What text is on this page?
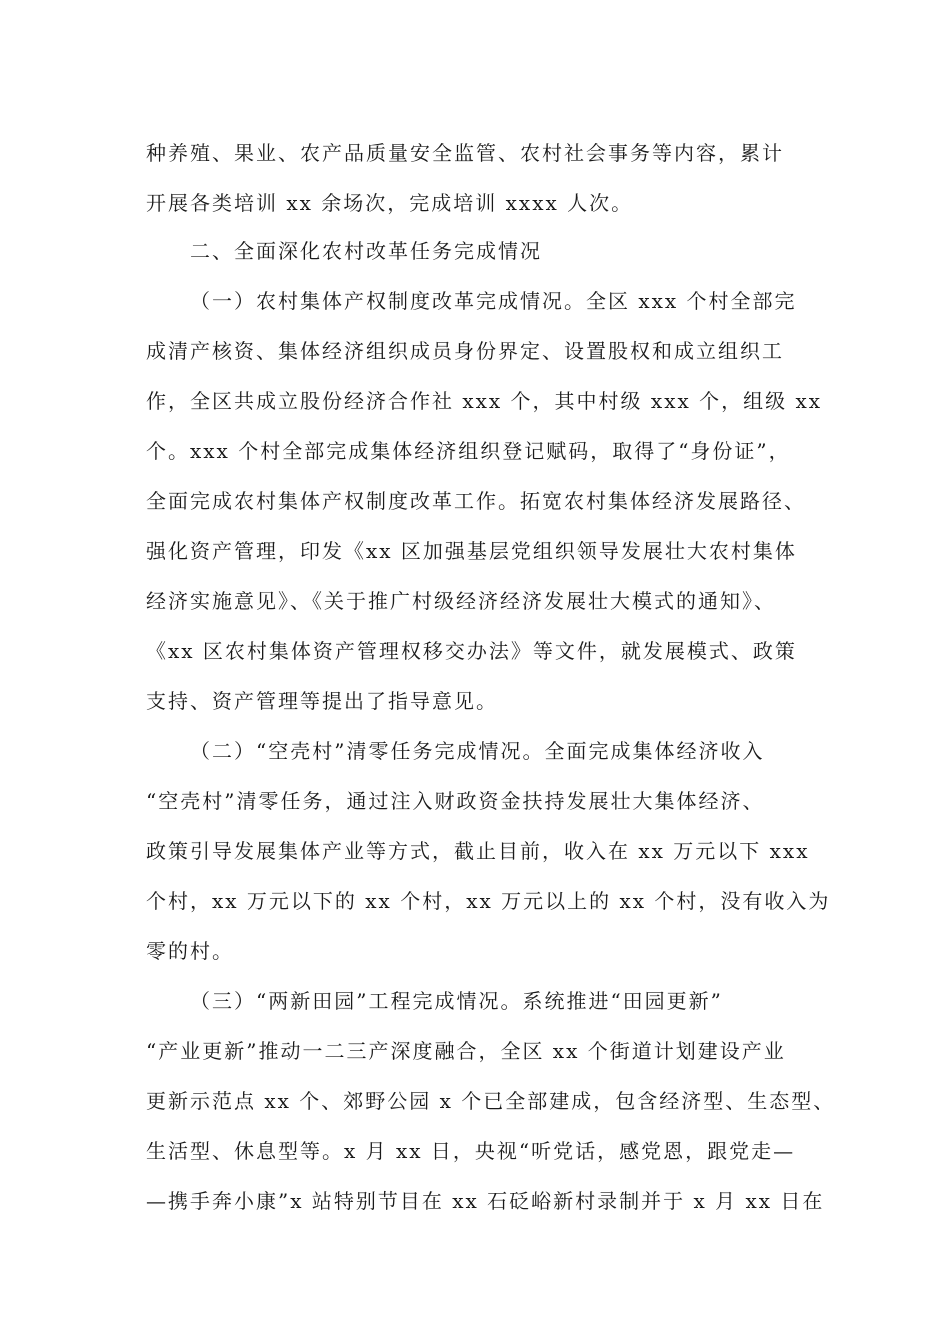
种养殖、果业、农产品质量安全监管、农村社会事务等内容，累计
开展各类培训 xx 余场次，完成培训 xxxx 人次。
二、全面深化农村改革任务完成情况
（一）农村集体产权制度改革完成情况。全区 xxx 个村全部完
成清产核资、集体经济组织成员身份界定、设置股权和成立组织工
作，全区共成立股份经济合作社 xxx 个，其中村级 xxx 个，组级 xx
个。xxx 个村全部完成集体经济组织登记赋码，取得了“身份证”，
全面完成农村集体产权制度改革工作。拓宽农村集体经济发展路径、
强化资产管理，印发《xx 区加强基层党组织领导发展壮大农村集体
经济实施意见》、《关于推广村级经济经济发展壮大模式的通知》、
《xx 区农村集体资产管理权移交办法》等文件，就发展模式、政策
支持、资产管理等提出了指导意见。
（二）“空壳村”清零任务完成情况。全面完成集体经济收入
“空壳村”清零任务，通过注入财政资金扶持发展壮大集体经济、
政策引导发展集体产业等方式，截止目前，收入在 xx 万元以下 xxx
个村，xx 万元以下的 xx 个村，xx 万元以上的 xx 个村，没有收入为
零的村。
（三）“两新田园”工程完成情况。系统推进“田园更新”
“产业更新”推动一二三产深度融合，全区 xx 个街道计划建设产业
更新示范点 xx 个、郊野公园 x 个已全部建成，包含经济型、生态型、
生活型、休息型等。x 月 xx 日，央视“听党话，感党恩，跟党走—
—携手奔小康”x 站特别节目在 xx 石砭峪新村录制并于 x 月 xx 日在
